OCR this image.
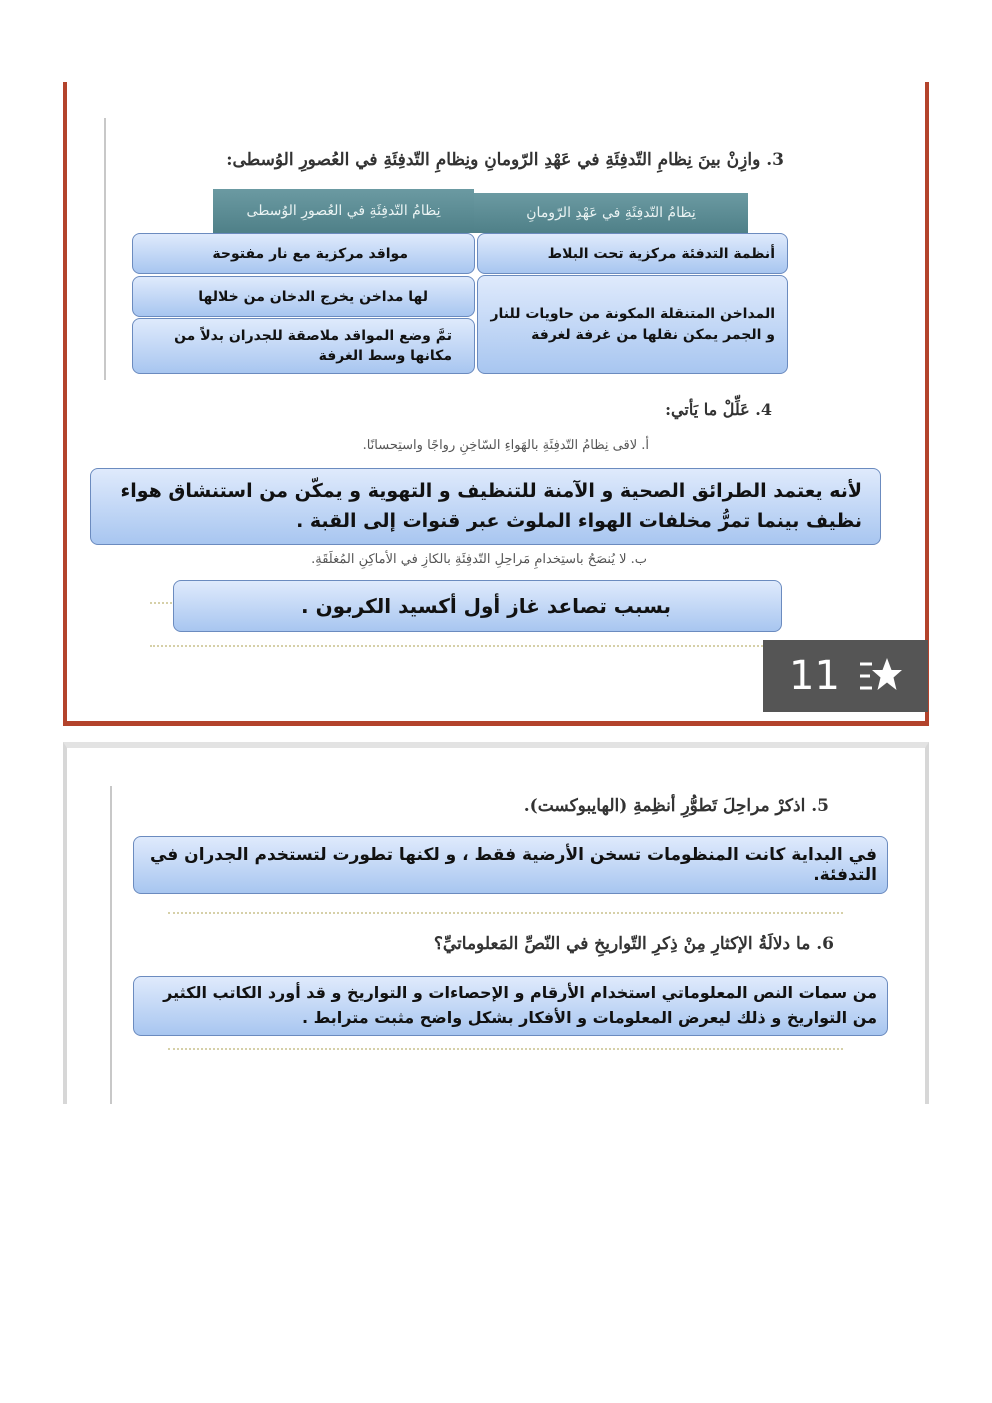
3. وازِنْ بينَ نِظامِ التّدفِئَةِ في عَهْدِ الرّومانِ ونِظامِ التّدفِئَةِ في العُصورِ الوُسطى:
نِظامُ التّدفِئَةِ في عَهْدِ الرّومانِ
نِظامُ التّدفِئَةِ في العُصورِ الوُسطى
أنظمة التدفئة مركزية تحت البلاط
المداخن المتنقلة المكونة من حاويات للنار و الجمر يمكن نقلها من غرفة لغرفة
مواقد مركزية مع نار مفتوحة
لها مداخن يخرج الدخان من خلالها
تمَّ وضع المواقد ملاصقة للجدران بدلاً من مكانها وسط الغرفة
4. عَلِّلْ ما يَأتي:
أ. لاقى نِظامُ التّدفِئَةِ بالهَواءِ السّاخِنِ رواجًا واستِحسانًا.
لأنه يعتمد الطرائق الصحية و الآمنة للتنظيف و التهوية و يمكّن من استنشاق هواء نظيف بينما تمرُّ مخلفات الهواء الملوث عبر قنوات إلى القبة .
ب. لا يُنصَحُ باستِخدامِ مَراحِلِ التّدفِئَةِ بالكازِ في الأماكِنِ المُغلَقَةِ.
بسبب تصاعد غاز أول أكسيد الكربون .
11
5. اذكرْ مراحِلَ تَطوُّرِ أنظِمةِ (الهايبوكست).
في البداية كانت المنظومات تسخن الأرضية فقط ، و لكنها تطورت لتستخدم الجدران في التدفئة.
6. ما دلالَةُ الإكثارِ مِنْ ذِكرِ التّواريخِ في النّصِّ المَعلوماتيِّ؟
من سمات النص المعلوماتي استخدام الأرقام و الإحصاءات و التواريخ و قد أورد الكاتب الكثير من التواريخ و ذلك ليعرض المعلومات و الأفكار بشكل واضح مثبت مترابط .
